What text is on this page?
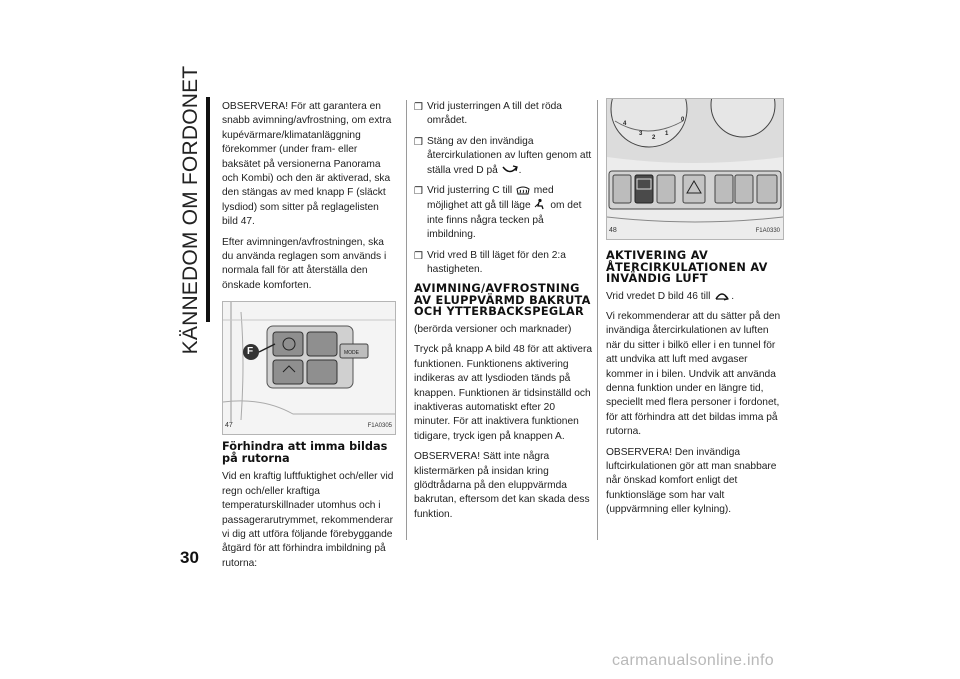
KÄNNEDOM OM FORDONET
30

OBSERVERA! För att garantera en snabb avimning/avfrostning, om extra kupévärmare/klimatanläggning förekommer (under fram- eller baksätet på versionerna Panorama och Kombi) och den är aktiverad, ska den stängas av med knapp F (släckt lysdiod) som sitter på reglagelisten bild 47.

Efter avimningen/avfrostningen, ska du använda reglagen som används i normala fall för att återställa den önskade komforten.

F	MODE
47	F1A0305
Förhindra att imma bildas på rutorna

Vid en kraftig luftfuktighet och/eller vid regn och/eller kraftiga temperaturskillnader utomhus och i passagerarutrymmet, rekommenderar vi dig att utföra följande förebyggande åtgärd för att förhindra imbildning på rutorna:

❒ Vrid justerringen A till det röda området.

❒ Stäng av den invändiga återcirkulationen av luften genom att ställa vred D på .

❒ Vrid justerring C till med möjlighet att gå till läge om det inte finns några tecken på imbildning.

❒ Vrid vred B till läget för den 2:a hastigheten.

AVIMNING/AVFROSTNING AV ELUPPVÄRMD BAKRUTA OCH YTTERBACKSPEGLAR

(berörda versioner och marknader)

Tryck på knapp A bild 48 för att aktivera funktionen. Funktionens aktivering indikeras av att lysdioden tänds på knappen. Funktionen är tidsinställd och inaktiveras automatiskt efter 20 minuter. För att inaktivera funktionen tidigare, tryck igen på knappen A.

OBSERVERA! Sätt inte några klistermärken på insidan kring glödtrådarna på den eluppvärmda bakrutan, eftersom det kan skada dess funktion.

4
0
3
2
1
48	F1A0330
AKTIVERING AV ÅTERCIRKULATIONEN AV INVÄNDIG LUFT

Vrid vredet D bild 46 till .

Vi rekommenderar att du sätter på den invändiga återcirkulationen av luften när du sitter i bilkö eller i en tunnel för att undvika att luft med avgaser kommer in i bilen. Undvik att använda denna funktion under en längre tid, speciellt med flera personer i fordonet, för att förhindra att det bildas imma på rutorna.

OBSERVERA! Den invändiga luftcirkulationen gör att man snabbare når önskad komfort enligt det funktionsläge som har valt (uppvärmning eller kylning).

carmanualsonline.info
